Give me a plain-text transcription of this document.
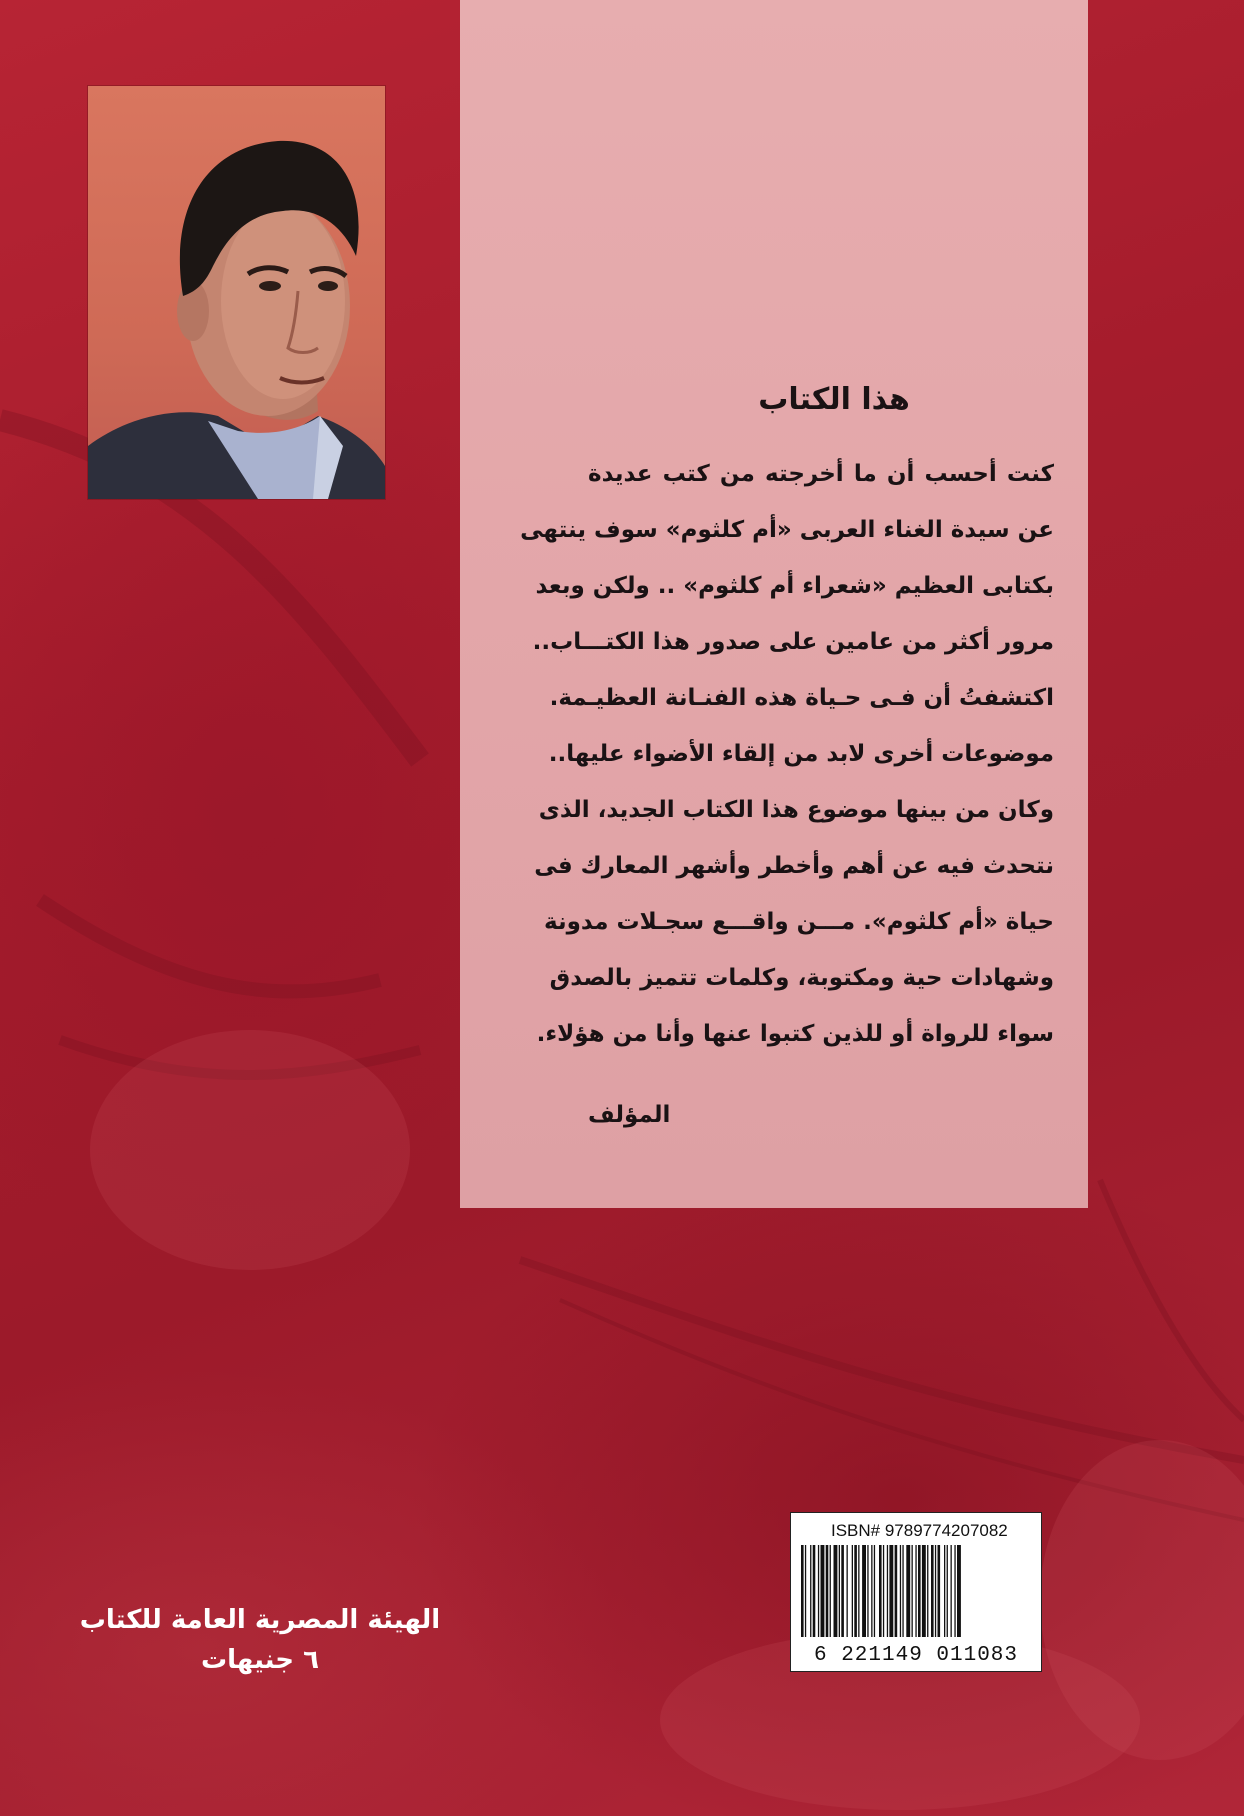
هذا الكتاب
كنت أحسب أن ما أخرجته من كتب عديدة
عن سيدة الغناء العربى «أم كلثوم» سوف ينتهى
بكتابى العظيم «شعراء أم كلثوم» .. ولكن وبعد
مرور أكثر من عامين على صدور هذا الكتـــاب..
اكتشفتُ أن فـى حـياة هذه الفنـانة العظيـمة.
موضوعات أخرى لابد من إلقاء الأضواء عليها..
وكان من بينها موضوع هذا الكتاب الجديد، الذى
نتحدث فيه عن أهم وأخطر وأشهر المعارك فى
حياة «أم كلثوم». مـــن واقـــع سجـلات مدونة
وشهادات حية ومكتوبة، وكلمات تتميز بالصدق
سواء للرواة أو للذين كتبوا عنها وأنا من هؤلاء.
المؤلف
الهيئة المصرية العامة للكتاب
٦ جنيهات
ISBN# 9789774207082
6 221149 011083
